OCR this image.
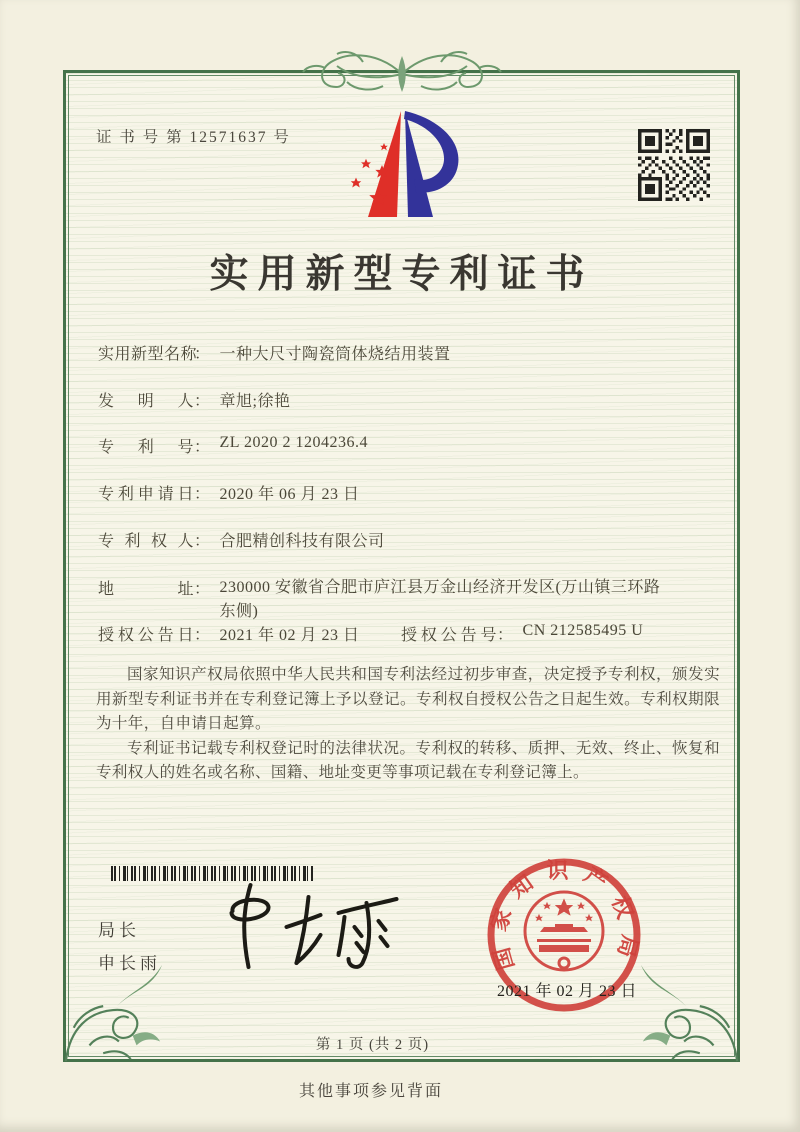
证 书 号 第 12571637 号
实用新型专利证书
实用新型名称： 一种大尺寸陶瓷筒体烧结用装置
发明人： 章旭;徐艳
专利号： ZL 2020 2 1204236.4
专利申请日： 2020 年 06 月 23 日
专利权人： 合肥精创科技有限公司
地址： 230000 安徽省合肥市庐江县万金山经济开发区(万山镇三环路东侧)
授权公告日： 2021 年 02 月 23 日	授权公告号： CN 212585495 U

国家知识产权局依照中华人民共和国专利法经过初步审查，决定授予专利权，颁发实用新型专利证书并在专利登记簿上予以登记。专利权自授权公告之日起生效。专利权期限为十年，自申请日起算。

专利证书记载专利权登记时的法律状况。专利权的转移、质押、无效、终止、恢复和专利权人的姓名或名称、国籍、地址变更等事项记载在专利登记簿上。

局长
申长雨	国家知识产权局
2021 年 02 月 23 日
第 1 页 (共 2 页)
其他事项参见背面
